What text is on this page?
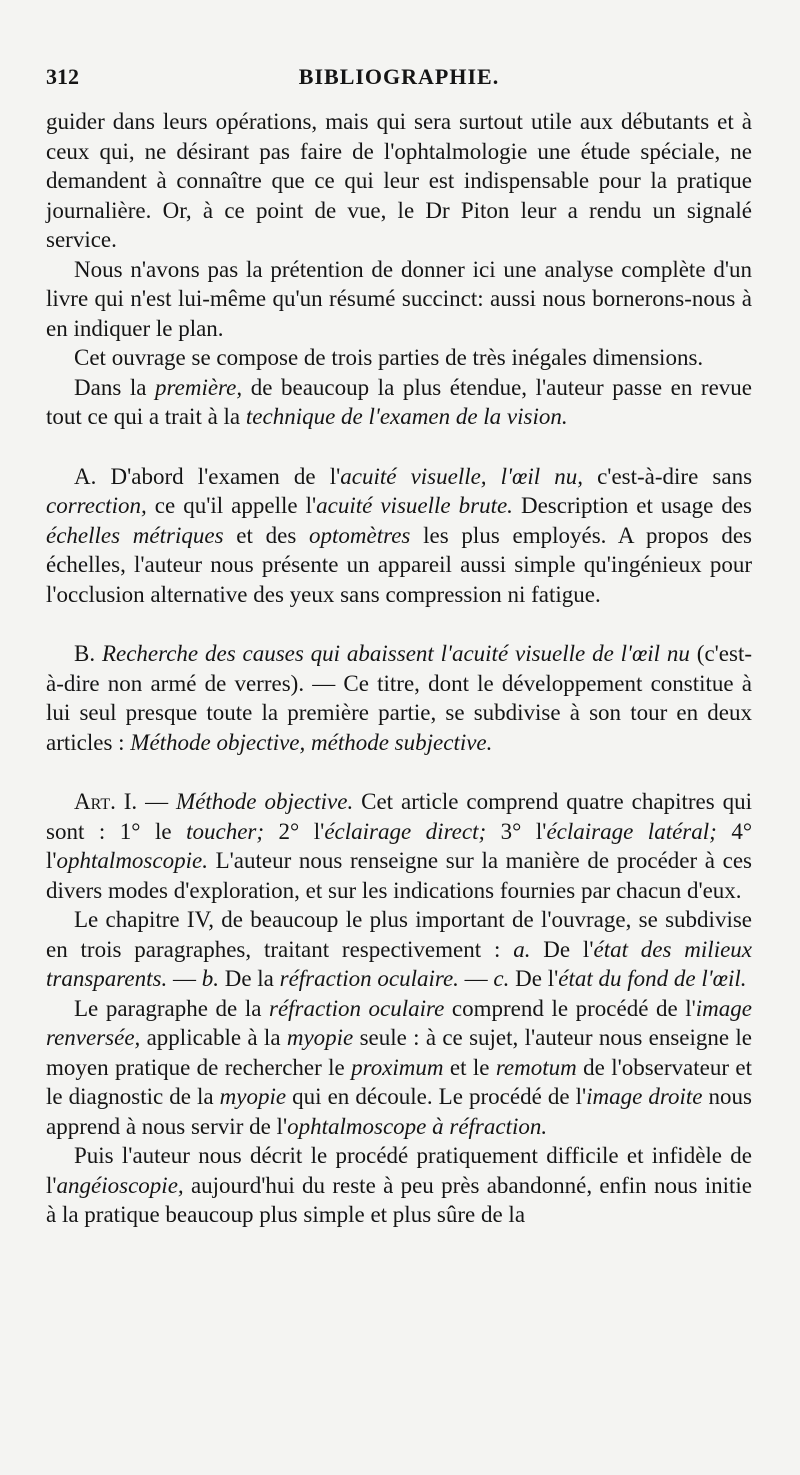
312	BIBLIOGRAPHIE.

guider dans leurs opérations, mais qui sera surtout utile aux débutants et à ceux qui, ne désirant pas faire de l'ophtalmologie une étude spéciale, ne demandent à connaître que ce qui leur est indispensable pour la pratique journalière. Or, à ce point de vue, le Dr Piton leur a rendu un signalé service.

Nous n'avons pas la prétention de donner ici une analyse complète d'un livre qui n'est lui-même qu'un résumé succinct: aussi nous bornerons-nous à en indiquer le plan.

Cet ouvrage se compose de trois parties de très inégales dimensions.

Dans la première, de beaucoup la plus étendue, l'auteur passe en revue tout ce qui a trait à la technique de l'examen de la vision.

A. D'abord l'examen de l'acuité visuelle, l'œil nu, c'est-à-dire sans correction, ce qu'il appelle l'acuité visuelle brute. Description et usage des échelles métriques et des optomètres les plus employés. A propos des échelles, l'auteur nous présente un appareil aussi simple qu'ingénieux pour l'occlusion alternative des yeux sans compression ni fatigue.

B. Recherche des causes qui abaissent l'acuité visuelle de l'œil nu (c'est-à-dire non armé de verres). — Ce titre, dont le développement constitue à lui seul presque toute la première partie, se subdivise à son tour en deux articles : Méthode objective, méthode subjective.

Art. I. — Méthode objective. Cet article comprend quatre chapitres qui sont : 1° le toucher; 2° l'éclairage direct; 3° l'éclairage latéral; 4° l'ophtalmoscopie. L'auteur nous renseigne sur la manière de procéder à ces divers modes d'exploration, et sur les indications fournies par chacun d'eux.

Le chapitre IV, de beaucoup le plus important de l'ouvrage, se subdivise en trois paragraphes, traitant respectivement : a. De l'état des milieux transparents. — b. De la réfraction oculaire. — c. De l'état du fond de l'œil.

Le paragraphe de la réfraction oculaire comprend le procédé de l'image renversée, applicable à la myopie seule : à ce sujet, l'auteur nous enseigne le moyen pratique de rechercher le proximum et le remotum de l'observateur et le diagnostic de la myopie qui en découle. Le procédé de l'image droite nous apprend à nous servir de l'ophtalmoscope à réfraction.

Puis l'auteur nous décrit le procédé pratiquement difficile et infidèle de l'angéioscopie, aujourd'hui du reste à peu près abandonné, enfin nous initie à la pratique beaucoup plus simple et plus sûre de la
